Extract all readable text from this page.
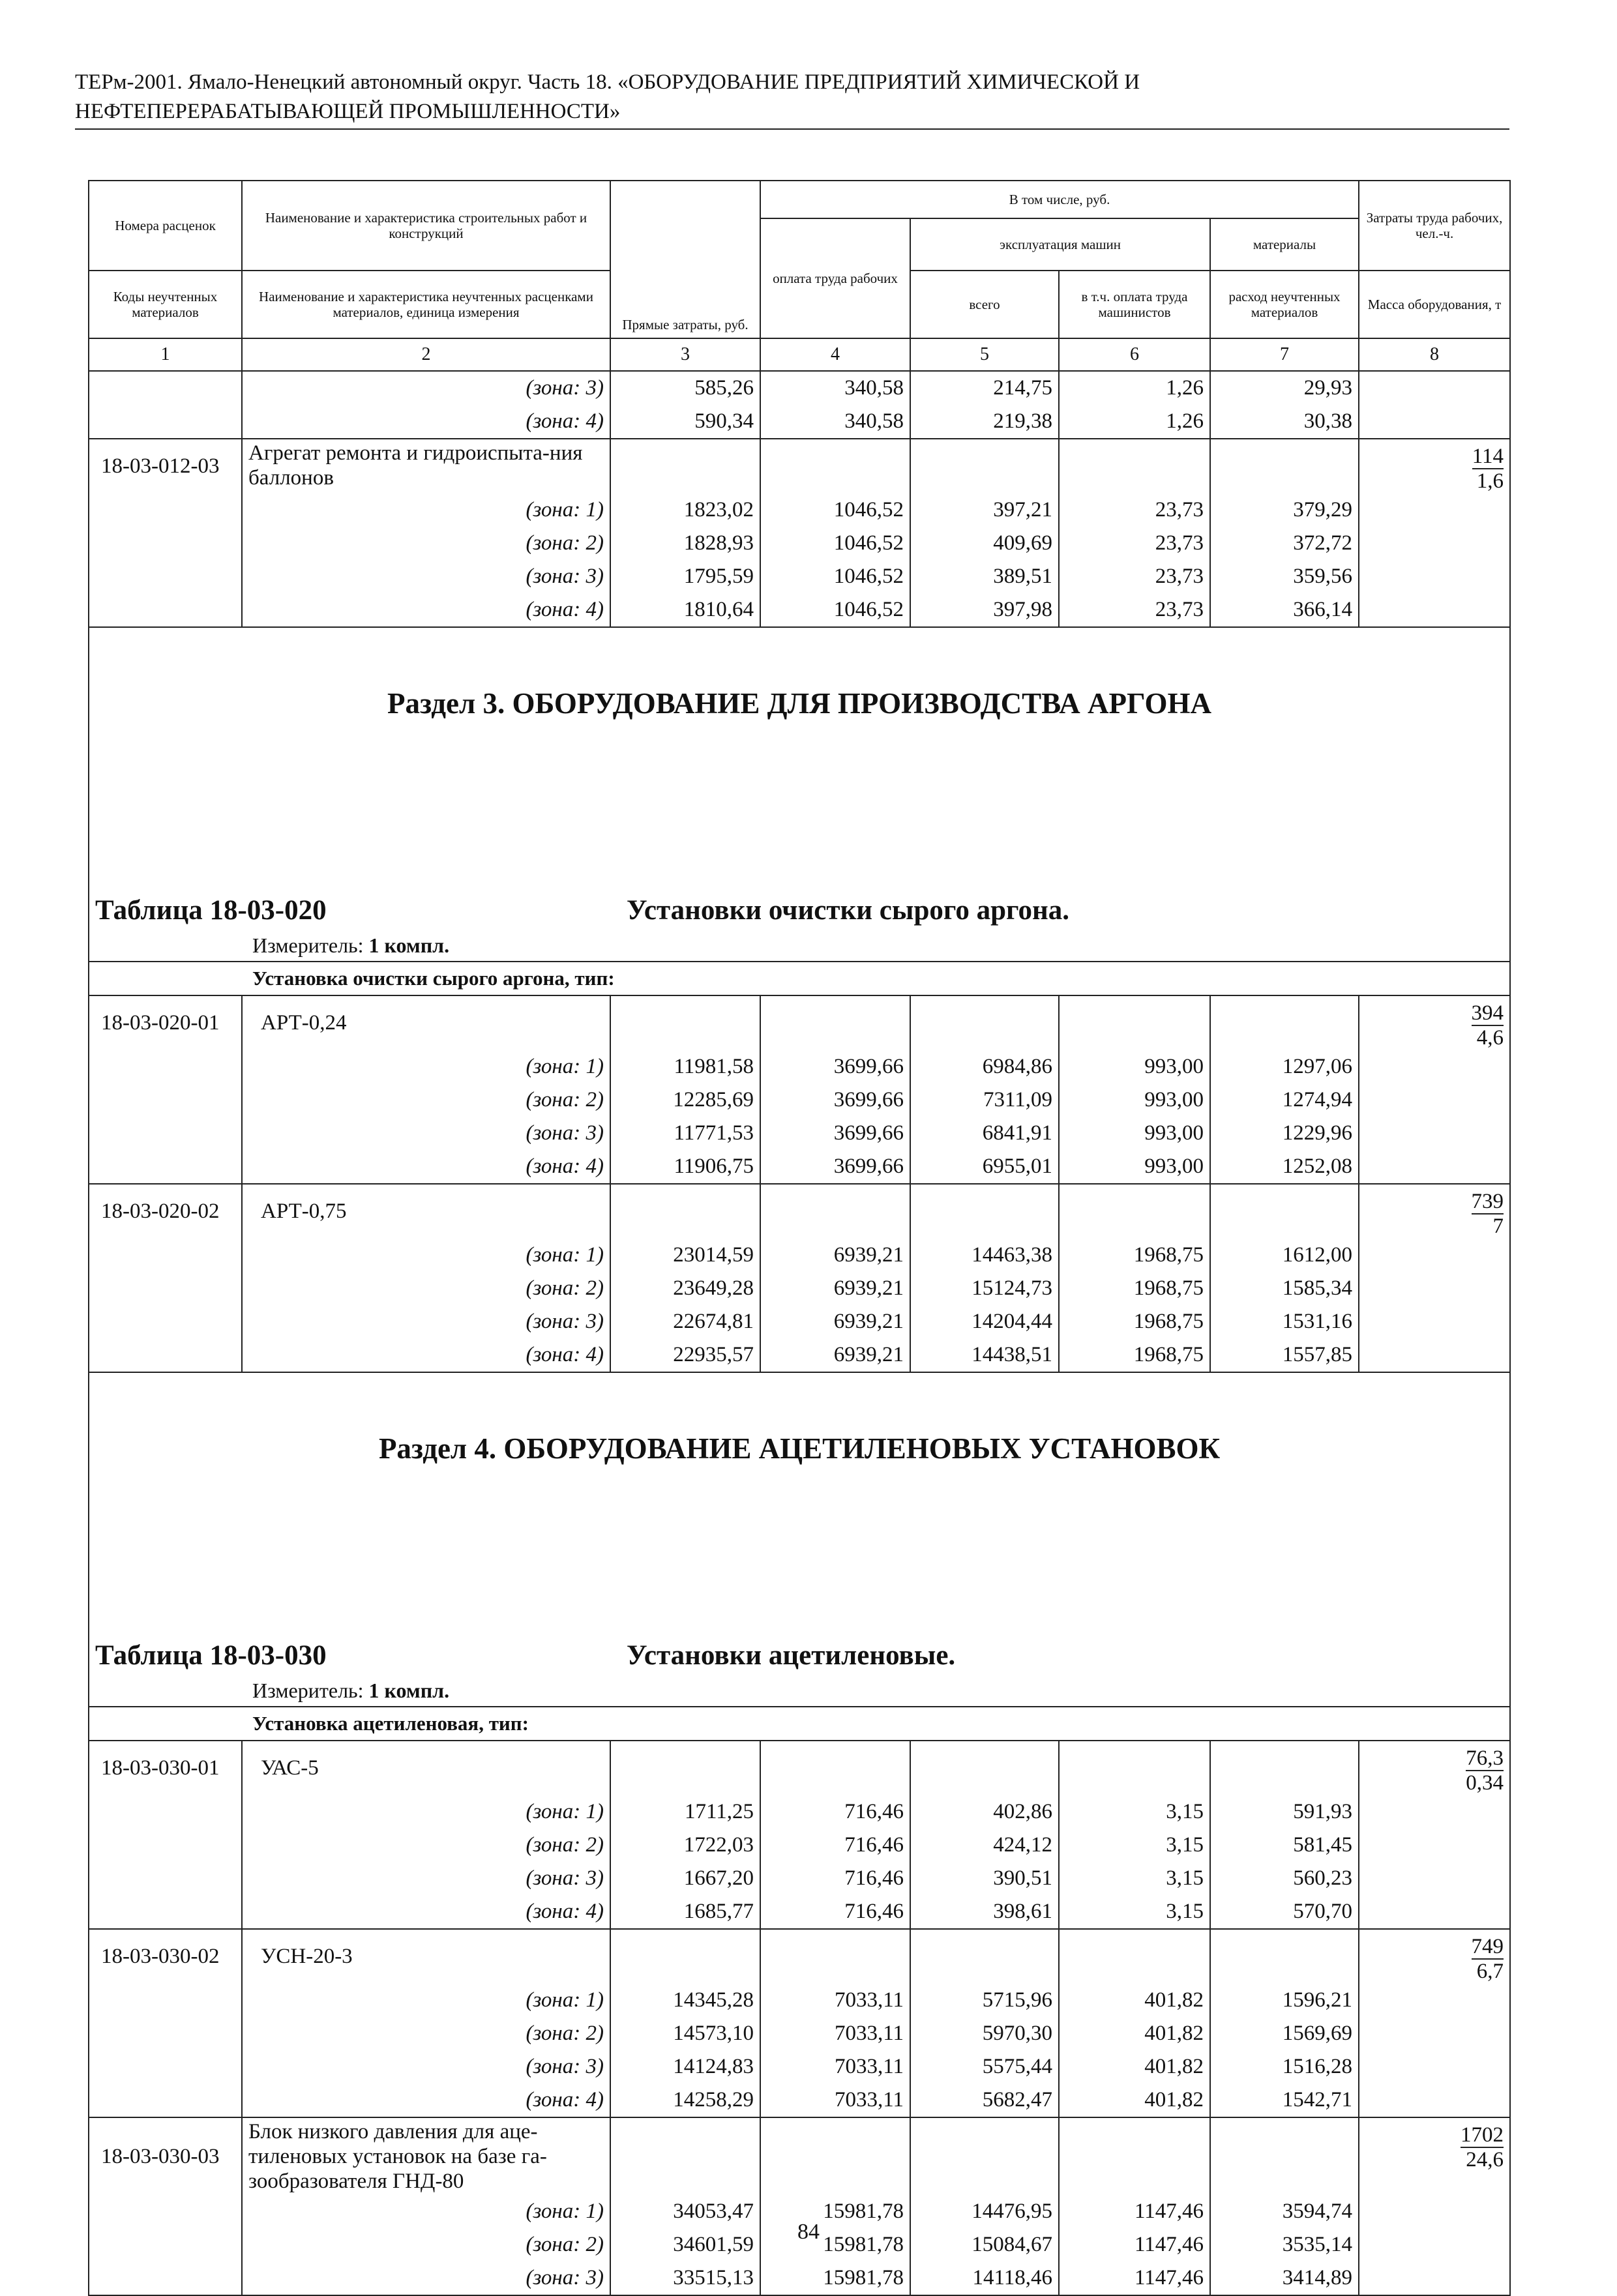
ТЕРм-2001. Ямало-Ненецкий автономный округ. Часть 18. «ОБОРУДОВАНИЕ ПРЕДПРИЯТИЙ ХИМИЧЕСКОЙ И
НЕФТЕПЕРЕРАБАТЫВАЮЩЕЙ ПРОМЫШЛЕННОСТИ»
Номера расценок	Наименование и характеристика строительных работ и конструкций	Прямые затраты, руб.	В том числе, руб.				Затраты труда рабочих, чел.-ч.
			оплата труда рабочих	эксплуатация машин		материалы	
Коды неучтенных материалов	Наименование и характеристика неучтенных расценками материалов, единица измерения			всего	в т.ч. оплата труда машинистов	расход неучтенных материалов	Масса оборудования, т
1	2	3	4	5	6	7	8
	(зона: 3)	585,26	340,58	214,75	1,26	29,93	
	(зона: 4)	590,34	340,58	219,38	1,26	30,38	
18-03-012-03	Агрегат ремонта и гидроиспыта-ния баллонов						$\frac{114}{1,6}$

	(зона: 1)	1823,02	1046,52	397,21	23,73	379,29	
	(зона: 2)	1828,93	1046,52	409,69	23,73	372,72	
	(зона: 3)	1795,59	1046,52	389,51	23,73	359,56	
	(зона: 4)	1810,64	1046,52	397,98	23,73	366,14	
Раздел 3. ОБОРУДОВАНИЕ ДЛЯ ПРОИЗВОДСТВА АРГОНА							
Таблица 18-03-020		Установки очистки сырого аргона.					
Измеритель: 1 компл.							
Установка очистки сырого аргона, тип:							
18-03-020-01	АРТ-0,24						$\frac{394}{4,6}$

	(зона: 1)	11981,58	3699,66	6984,86	993,00	1297,06	
	(зона: 2)	12285,69	3699,66	7311,09	993,00	1274,94	
	(зона: 3)	11771,53	3699,66	6841,91	993,00	1229,96	
	(зона: 4)	11906,75	3699,66	6955,01	993,00	1252,08	
18-03-020-02	АРТ-0,75						$\frac{739}{7}$

	(зона: 1)	23014,59	6939,21	14463,38	1968,75	1612,00	
	(зона: 2)	23649,28	6939,21	15124,73	1968,75	1585,34	
	(зона: 3)	22674,81	6939,21	14204,44	1968,75	1531,16	
	(зона: 4)	22935,57	6939,21	14438,51	1968,75	1557,85	
Раздел 4. ОБОРУДОВАНИЕ АЦЕТИЛЕНОВЫХ УСТАНОВОК							
Таблица 18-03-030		Установки ацетиленовые.					
Измеритель: 1 компл.							
Установка ацетиленовая, тип:							
18-03-030-01	УАС-5						$\frac{76,3}{0,34}$

	(зона: 1)	1711,25	716,46	402,86	3,15	591,93	
	(зона: 2)	1722,03	716,46	424,12	3,15	581,45	
	(зона: 3)	1667,20	716,46	390,51	3,15	560,23	
	(зона: 4)	1685,77	716,46	398,61	3,15	570,70	
18-03-030-02	УСН-20-3						$\frac{749}{6,7}$

	(зона: 1)	14345,28	7033,11	5715,96	401,82	1596,21	
	(зона: 2)	14573,10	7033,11	5970,30	401,82	1569,69	
	(зона: 3)	14124,83	7033,11	5575,44	401,82	1516,28	
	(зона: 4)	14258,29	7033,11	5682,47	401,82	1542,71	
18-03-030-03	Блок низкого давления для аце-тиленовых установок на базе га-зообразователя ГНД-80						$\frac{1702}{24,6}$

	(зона: 1)	34053,47	15981,78	14476,95	1147,46	3594,74	
	(зона: 2)	34601,59	15981,78	15084,67	1147,46	3535,14	
	(зона: 3)	33515,13	15981,78	14118,46	1147,46	3414,89	
84
